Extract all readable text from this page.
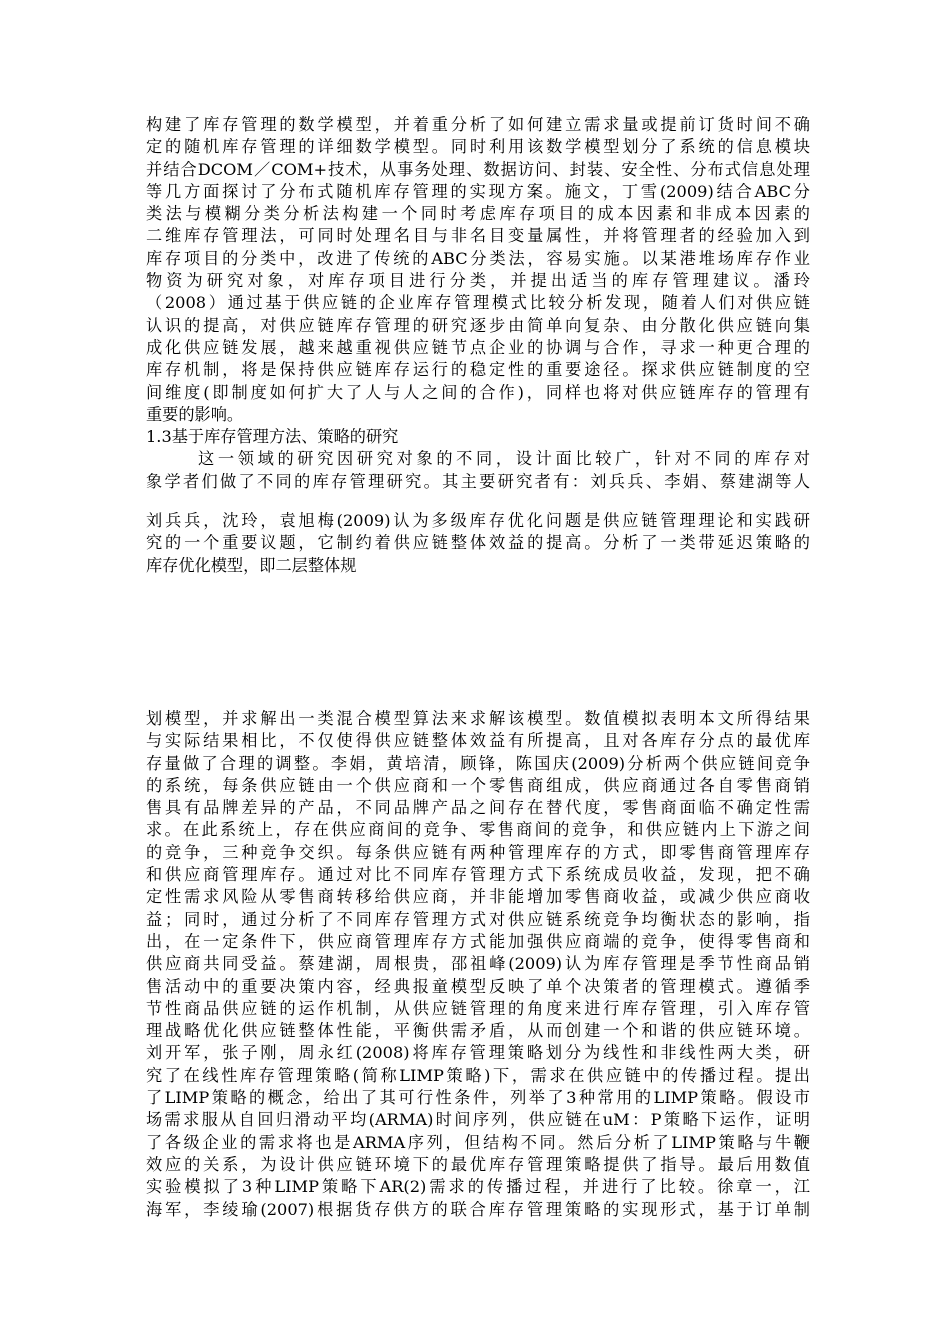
构建了库存管理的数学模型，并着重分析了如何建立需求量或提前订货时间不确
定的随机库存管理的详细数学模型。同时利用该数学模型划分了系统的信息模块
并结合DCOM／COM+技术，从事务处理、数据访问、封装、安全性、分布式信息处理
等几方面探讨了分布式随机库存管理的实现方案。施文，丁雪(2009)结合ABC分
类法与模糊分类分析法构建一个同时考虑库存项目的成本因素和非成本因素的
二维库存管理法，可同时处理名目与非名目变量属性，并将管理者的经验加入到
库存项目的分类中，改进了传统的ABC分类法，容易实施。以某港堆场库存作业
物资为研究对象，对库存项目进行分类，并提出适当的库存管理建议。潘玲
（2008）通过基于供应链的企业库存管理模式比较分析发现，随着人们对供应链
认识的提高，对供应链库存管理的研究逐步由简单向复杂、由分散化供应链向集
成化供应链发展，越来越重视供应链节点企业的协调与合作，寻求一种更合理的
库存机制，将是保持供应链库存运行的稳定性的重要途径。探求供应链制度的空
间维度(即制度如何扩大了人与人之间的合作)，同样也将对供应链库存的管理有
重要的影响。
1.3基于库存管理方法、策略的研究
这一领域的研究因研究对象的不同，设计面比较广，针对不同的库存对
象学者们做了不同的库存管理研究。其主要研究者有：刘兵兵、李娟、蔡建湖等人
刘兵兵，沈玲，袁旭梅(2009)认为多级库存优化问题是供应链管理理论和实践研
究的一个重要议题，它制约着供应链整体效益的提高。分析了一类带延迟策略的
库存优化模型，即二层整体规
划模型，并求解出一类混合模型算法来求解该模型。数值模拟表明本文所得结果
与实际结果相比，不仅使得供应链整体效益有所提高，且对各库存分点的最优库
存量做了合理的调整。李娟，黄培清，顾锋，陈国庆(2009)分析两个供应链间竞争
的系统，每条供应链由一个供应商和一个零售商组成，供应商通过各自零售商销
售具有品牌差异的产品，不同品牌产品之间存在替代度，零售商面临不确定性需
求。在此系统上，存在供应商间的竞争、零售商间的竞争，和供应链内上下游之间
的竞争，三种竞争交织。每条供应链有两种管理库存的方式，即零售商管理库存
和供应商管理库存。通过对比不同库存管理方式下系统成员收益，发现，把不确
定性需求风险从零售商转移给供应商，并非能增加零售商收益，或减少供应商收
益；同时，通过分析了不同库存管理方式对供应链系统竞争均衡状态的影响，指
出，在一定条件下，供应商管理库存方式能加强供应商端的竞争，使得零售商和
供应商共同受益。蔡建湖，周根贵，邵祖峰(2009)认为库存管理是季节性商品销
售活动中的重要决策内容，经典报童模型反映了单个决策者的管理模式。遵循季
节性商品供应链的运作机制，从供应链管理的角度来进行库存管理，引入库存管
理战略优化供应链整体性能，平衡供需矛盾，从而创建一个和谐的供应链环境。
刘开军，张子刚，周永红(2008)将库存管理策略划分为线性和非线性两大类，研
究了在线性库存管理策略(简称LIMP策略)下，需求在供应链中的传播过程。提出
了LIMP策略的概念，给出了其可行性条件，列举了3种常用的LIMP策略。假设市
场需求服从自回归滑动平均(ARMA)时间序列，供应链在uM：P策略下运作，证明
了各级企业的需求将也是ARMA序列，但结构不同。然后分析了LIMP策略与牛鞭
效应的关系，为设计供应链环境下的最优库存管理策略提供了指导。最后用数值
实验模拟了3种LIMP策略下AR(2)需求的传播过程，并进行了比较。徐章一，江
海军，李绫瑜(2007)根据货存供方的联合库存管理策略的实现形式，基于订单制
